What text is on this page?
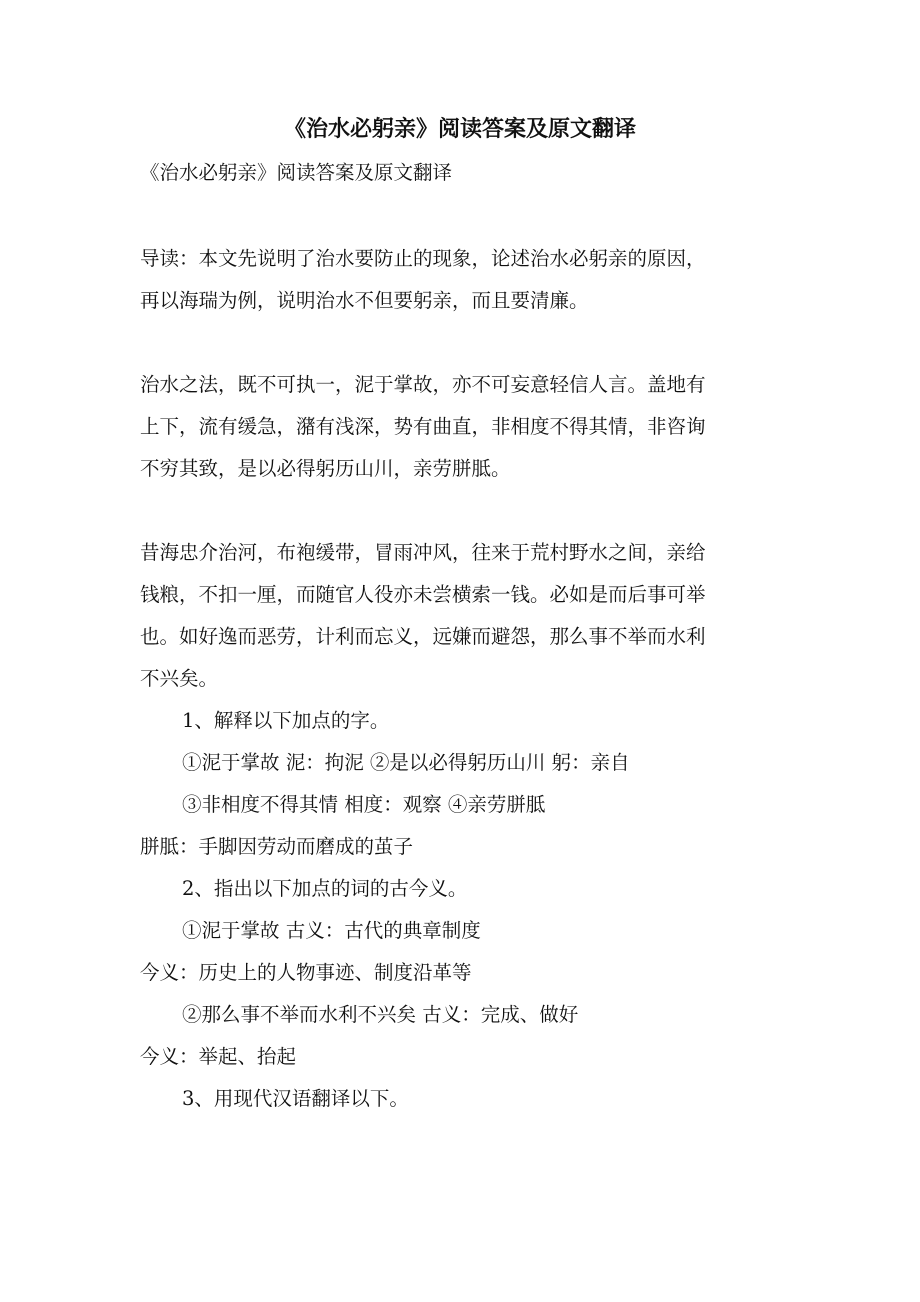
《治水必躬亲》阅读答案及原文翻译
《治水必躬亲》阅读答案及原文翻译
导读：本文先说明了治水要防止的现象，论述治水必躬亲的原因，
再以海瑞为例，说明治水不但要躬亲，而且要清廉。
治水之法，既不可执一，泥于掌故，亦不可妄意轻信人言。盖地有
上下，流有缓急，潴有浅深，势有曲直，非相度不得其情，非咨询
不穷其致，是以必得躬历山川，亲劳胼胝。
昔海忠介治河，布袍缓带，冒雨冲风，往来于荒村野水之间，亲给
钱粮，不扣一厘，而随官人役亦未尝横索一钱。必如是而后事可举
也。如好逸而恶劳，计利而忘义，远嫌而避怨，那么事不举而水利
不兴矣。
1、解释以下加点的字。
①泥于掌故 泥：拘泥 ②是以必得躬历山川 躬：亲自
③非相度不得其情 相度：观察 ④亲劳胼胝
胼胝：手脚因劳动而磨成的茧子
2、指出以下加点的词的古今义。
①泥于掌故 古义：古代的典章制度
今义：历史上的人物事迹、制度沿革等
②那么事不举而水利不兴矣 古义：完成、做好
今义：举起、抬起
3、用现代汉语翻译以下。
